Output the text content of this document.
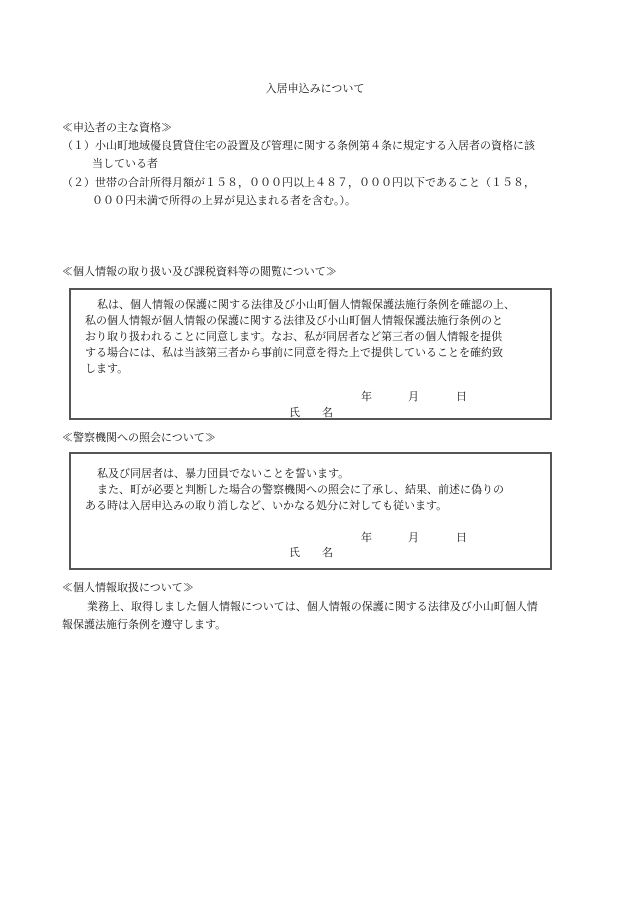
入居申込みについて
≪申込者の主な資格≫
（１）小山町地域優良賃貸住宅の設置及び管理に関する条例第４条に規定する入居者の資格に該
当している者
（２）世帯の合計所得月額が１５８，０００円以上４８７，０００円以下であること（１５８，
０００円未満で所得の上昇が見込まれる者を含む。）。
≪個人情報の取り扱い及び課税資料等の閲覧について≫
私は、個人情報の保護に関する法律及び小山町個人情報保護法施行条例を確認の上、
私の個人情報が個人情報の保護に関する法律及び小山町個人情報保護法施行条例のと
おり取り扱われることに同意します。なお、私が同居者など第三者の個人情報を提供
する場合には、私は当該第三者から事前に同意を得た上で提供していることを確約致
します。
年	月	日
氏　　名
≪警察機関への照会について≫
私及び同居者は、暴力団員でないことを誓います。
また、町が必要と判断した場合の警察機関への照会に了承し、結果、前述に偽りの
ある時は入居申込みの取り消しなど、いかなる処分に対しても従います。
年	月	日
氏　　名
≪個人情報取扱について≫
業務上、取得しました個人情報については、個人情報の保護に関する法律及び小山町個人情
報保護法施行条例を遵守します。
